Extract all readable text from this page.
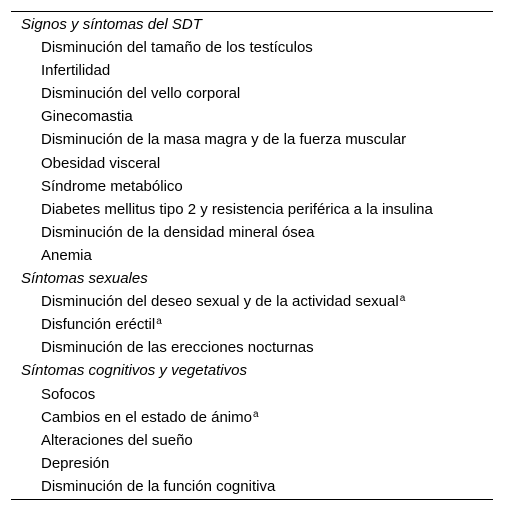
Signos y síntomas del SDT
Disminución del tamaño de los testículos
Infertilidad
Disminución del vello corporal
Ginecomastia
Disminución de la masa magra y de la fuerza muscular
Obesidad visceral
Síndrome metabólico
Diabetes mellitus tipo 2 y resistencia periférica a la insulina
Disminución de la densidad mineral ósea
Anemia
Síntomas sexuales
Disminución del deseo sexual y de la actividad sexual$^a$
Disfunción eréctil$^a$
Disminución de las erecciones nocturnas
Síntomas cognitivos y vegetativos
Sofocos
Cambios en el estado de ánimo$^a$
Alteraciones del sueño
Depresión
Disminución de la función cognitiva
